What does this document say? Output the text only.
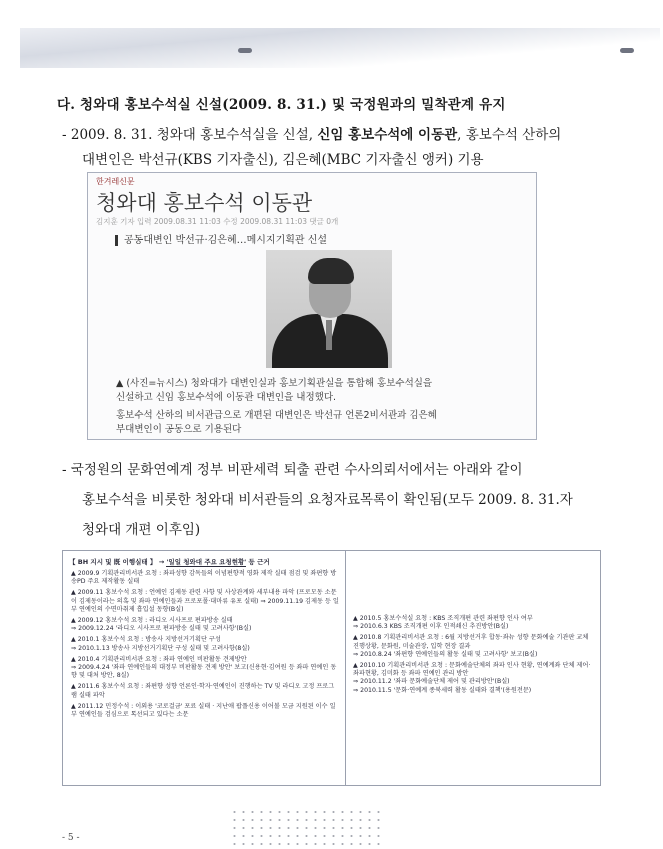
다. 청와대 홍보수석실 신설(2009. 8. 31.) 및 국정원과의 밀착관계 유지
- 2009. 8. 31. 청와대 홍보수석실을 신설, 신임 홍보수석에 이동관, 홍보수석 산하의
대변인은 박선규(KBS 기자출신), 김은혜(MBC 기자출신 앵커) 기용
한겨레신문
청와대 홍보수석 이동관
김지훈 기자 입력 2009.08.31 11:03 수정 2009.08.31 11:03 댓글 0개
공동대변인 박선규·김은혜…메시지기획관 신설

▲ (사진=뉴시스) 청와대가 대변인실과 홍보기획관실을 통합해 홍보수석실을

신설하고 신임 홍보수석에 이동관 대변인을 내정했다.

홍보수석 산하의 비서관급으로 개편된 대변인은 박선규 언론2비서관과 김은혜

부대변인이 공동으로 기용된다

- 국정원의 문화연예계 정부 비판세력 퇴출 관련 수사의뢰서에서는 아래와 같이
홍보수석을 비롯한 청와대 비서관들의 요청자료목록이 확인됨(모두 2009. 8. 31.자
청와대 개편 이후임)
【 BH 지시 및 既 이행실태 】 → '일일 청와대 주요 요청현황' 등 근거

▲ 2009.9 기획관리비서관 요청 : 좌파성향 감독들의 이념편향적 영화 제작 실태 점검 및 좌편향 방송PD 주요 제작활동 실태

▲ 2009.11 홍보수석 요청 : 언예인 김제동 관련 사항 및 사상관계와 세부내용 파악 (프로모동 소문이 김제동이라는 의혹 및 좌파 연예인들과 프로포폴·대마류 유포 실태) ⇒ 2009.11.19 김제동 등 일부 연예인의 수면마취제 흡입설 동향(B실)

▲ 2009.12 홍보수석 요청 : 라디오 시사프로 편파방송 실태

⇒ 2009.12.24 '라디오 시사프로 편파방송 실태 및 고려사항'(B실)

▲ 2010.1 홍보수석 요청 : 방송사 지방선거기획단 구성

⇒ 2010.1.13 방송사 지방선거기획단 구성 실태 및 고려사항(8실)

▲ 2010.4 기획관리비서관 요청 : 좌파 연예인 비판활동 견제방안

⇒ 2009.4.24 '좌파 연예인들의 대정부 비판활동 견제 방안' 보고(신용현·김여원 등 좌파 연예인 동향 및 대처 방안, 8실)

▲ 2011.6 홍보수석 요청 : 좌편향 성향 언론인·학자·연예인이 진행하는 TV 및 라디오 고정 프로그램 실태 파악

▲ 2011.12 민정수석 : 이외용 '코로걸금' 포료 실태 · 지난애 팝플신용 이어볼 모금 지원된 이수 일부 연예인들 검심으로 톡선되고 있다는 소문

▲ 2010.5 홍보수석실 요청 : KBS 조직개편 관련 좌편향 인사 여부

⇒ 2010.6.3 KBS 조직개편 이후 인적쇄신 추진방안(B실)

▲ 2010.8 기획관리비서관 요청 : 6월 지방선거후 합동·좌뉴 성향 문화예술 기관판 교체 진행상황, 문화원, 미술관장, 입학 현장 결과

⇒ 2010.8.24 '좌편향 연예인들의 활동 실태 및 고려사항' 보고(B실)

▲ 2010.10 기획관리비서관 요청 : 문화예술단체의 좌파 인사 현황, 연예계좌 단체 제어·좌파현황, 김미화 등 좌파 연예인 관리 방안

⇒ 2010.11.2 '좌파 문화예술단체 제어 및 관리방안'(B실)

⇒ 2010.11.5 '문화·연예계 종북세력 활동 실태와 결책'(용원전문)

- 5 -
